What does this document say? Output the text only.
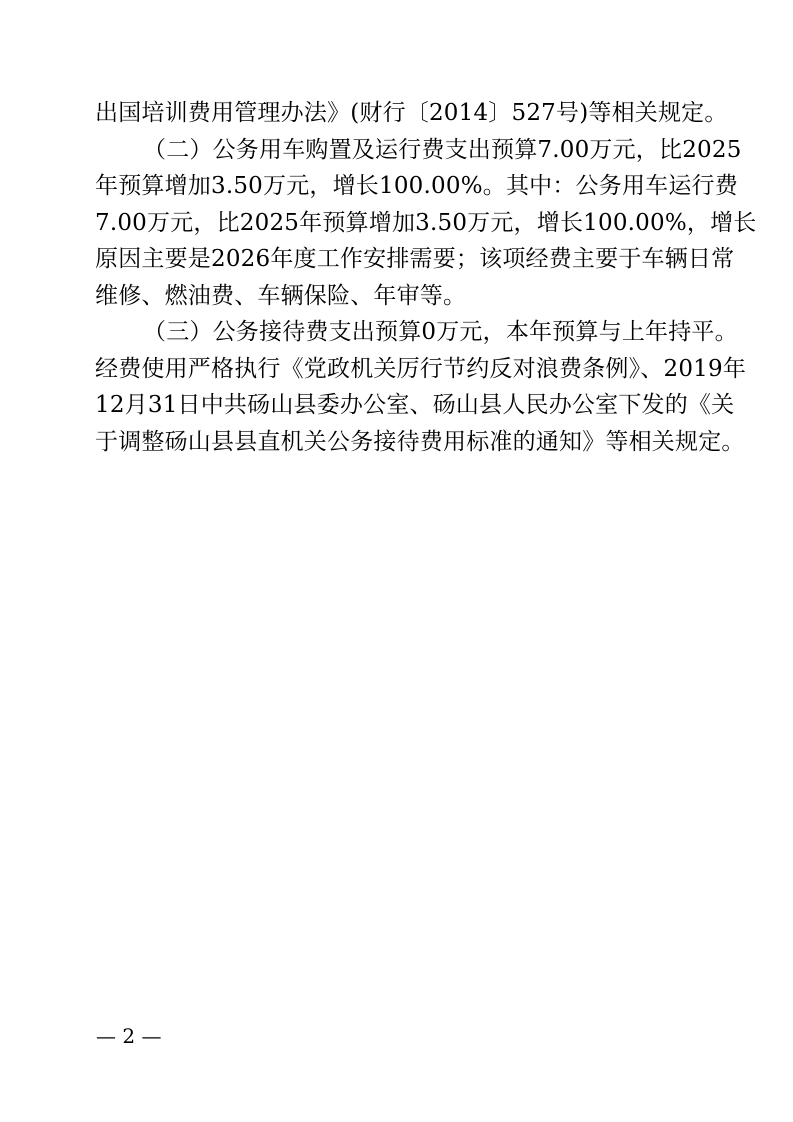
出国培训费用管理办法》(财行〔2014〕527号)等相关规定。
（二）公务用车购置及运行费支出预算7.00万元，比2025
年预算增加3.50万元，增长100.00%。其中：公务用车运行费
7.00万元，比2025年预算增加3.50万元，增长100.00%，增长
原因主要是2026年度工作安排需要；该项经费主要于车辆日常
维修、燃油费、车辆保险、年审等。
（三）公务接待费支出预算0万元，本年预算与上年持平。
经费使用严格执行《党政机关厉行节约反对浪费条例》、2019年
12月31日中共砀山县委办公室、砀山县人民办公室下发的《关
于调整砀山县县直机关公务接待费用标准的通知》等相关规定。
— 2 —
